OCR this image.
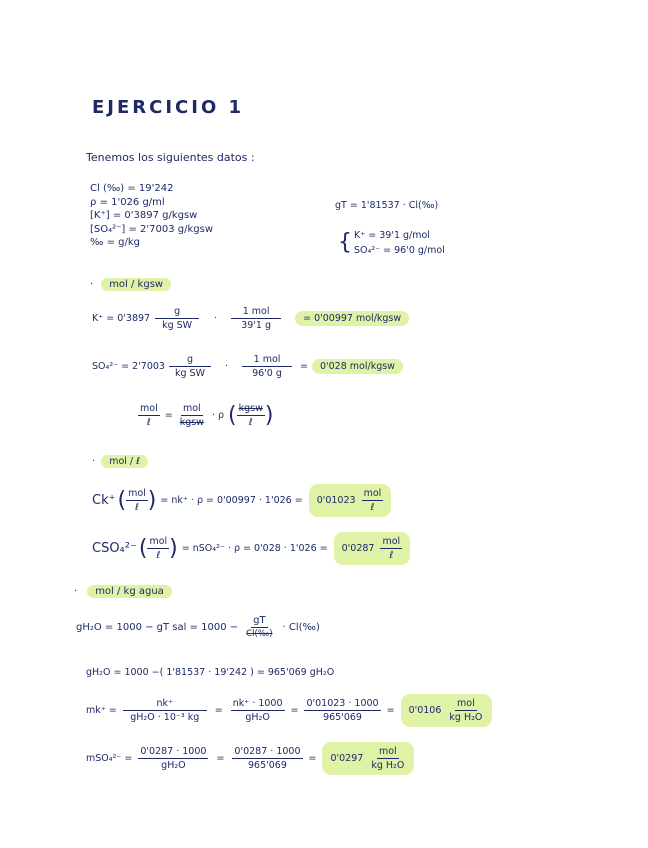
EJERCICIO 1
Tenemos los siguientes datos :
Cl (‰) = 19'242
ρ = 1'026 g/ml
[K⁺] = 0'3897 g/kgsw
[SO₄²⁻] = 2'7003 g/kgsw
‰ = g/kg
gT = 1'81537 · Cl(‰)
{ K⁺ = 39'1 g/mol
SO₄²⁻ = 96'0 g/mol
·	mol / kgsw
$K^+ = 0'3897 \frac{g}{\text{kg SW}} \cdot \frac{\text{1 mol}}{39'1 g}$	= 0'00997 mol/kgsw
$SO_4^{2-} = 2'7003 \frac{g}{\text{kg SW}} \cdot \frac{\text{1 mol}}{96'0 g}$ =	0'028 mol/kgsw
$\frac{\text{mol}}{\text{ℓ}} = \frac{\text{mol}}{\text{kgsw}} \cdot \rho$ ( $\frac{\text{kgsw}}{\text{ℓ}}$ )
·	mol / ℓ
Ck⁺ ( $\frac{\text{mol}}{\text{ℓ}}$ ) = $nk^+ \cdot \rho = 0'00997 \cdot 1'026 = 0'01023 \frac{\text{mol}}{\text{ℓ}}$
CSO₄²⁻ ( $\frac{\text{mol}}{\text{ℓ}}$ ) = $nSO_4^{2-} \cdot \rho = 0'028 \cdot 1'026 = 0'0287 \frac{\text{mol}}{\text{ℓ}}$
·	mol / kg agua
gH₂O = 1000 − gT sal = $1000 - \frac{gT}{Cl(‰)}$ · Cl(‰)
gH₂O = 1000 −( 1'81537 · 19'242 ) = 965'069 gH₂O
$mk^+ = \frac{nk^+}{\text{gH₂O · 10⁻³ kg}} = \frac{nk^+ \cdot 1000}{\text{gH₂O}} = \frac{0'01023 \cdot 1000}{965'069} = 0'0106 \frac{\text{mol}}{\text{kg H₂O}}$
$mSO_4^{2-} = \frac{0'0287 \cdot 1000}{\text{gH₂O}} = \frac{0'0287 \cdot 1000}{965'069} = 0'0297 \frac{\text{mol}}{\text{kg H₂O}}$
